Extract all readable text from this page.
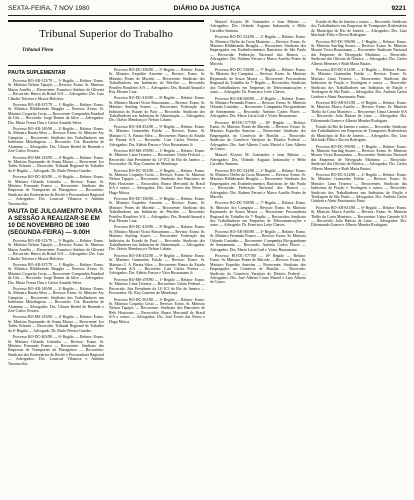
SEXTA-FEIRA, 7 NOV 1980	DIÁRIO DA JUSTIÇA	9221
PAUTA SUPLEMENTAR

Processo RO-AR-125/79 — 3ª Região — Relator: Exmo. Sr. Ministro Nelson Tapajós — Revisor: Exmo. Sr. Ministro Marco Aurélio — Recorrente: Francisco Antônio de Oliveira — Recorrido: Banco do Brasil S/A — Advogados: Drs. Luiz Cláudio Teixeira e Moacir Belchior.

Processo RO-AR-337/79 — 1ª Região — Relator: Exmo. Sr. Ministro Hildebrando Bisaglia — Revisor: Exmo. Sr. Ministro Coqueijo Costa — Recorrente: Companhia Estadual de Gás — Recorrido: Jorge Ramos da Silva — Advogados: Drs. Maria Tereza Dias e Carlos Arnaldo Selva.

Processo RO-AR-140/80 — 2ª Região — Relator: Exmo. Sr. Ministro Barata Silva — Revisor: Exmo. Sr. Ministro Ary Campista — Recorrente: Sindicato dos Trabalhadores nas Indústrias Metalúrgicas — Recorrido: Cia. Brasileira de Alumínio — Advogados: Drs. Ulisses Riedel de Resende e José Carlos Novaes.

Processo RO-MS-218/80 — 4ª Região — Relator: Exmo. Sr. Ministro Raymundo de Souza Moura — Recorrente: Ivo Tadeu Schmitt — Recorrido: Tribunal Regional do Trabalho da 4ª Região — Advogado: Dr. Paulo Pereira Guedes.

Processo RO-DC-402/80 — 6ª Região — Relator: Exmo. Sr. Ministro Orlando Coutinho — Revisor: Exmo. Sr. Ministro Fernando Franco — Recorrente: Sindicato das Empresas de Transportes de Passageiros — Recorridos: Sindicato dos Rodoviários do Recife e Procuradoria Regional — Advogados: Drs. Lourival Vilanova e Antônio Vasconcelos.

PAUTA DE JULGAMENTO PARA A SESSÃO A REALIZAR-SE EM 10 DE NOVEMBRO DE 1980 (SEGUNDA-FEIRA) — 9.00H

Processo RO-AR-125/79 — 3ª Região — Relator: Exmo. Sr. Ministro Nelson Tapajós — Revisor: Exmo. Sr. Ministro Marco Aurélio — Recorrente: Francisco Antônio de Oliveira — Recorrido: Banco do Brasil S/A — Advogados: Drs. Luiz Cláudio Teixeira e Moacir Belchior.

Processo RO-AR-337/79 — 1ª Região — Relator: Exmo. Sr. Ministro Hildebrando Bisaglia — Revisor: Exmo. Sr. Ministro Coqueijo Costa — Recorrente: Companhia Estadual de Gás — Recorrido: Jorge Ramos da Silva — Advogados: Drs. Maria Tereza Dias e Carlos Arnaldo Selva.

Processo RO-AR-140/80 — 2ª Região — Relator: Exmo. Sr. Ministro Barata Silva — Revisor: Exmo. Sr. Ministro Ary Campista — Recorrente: Sindicato dos Trabalhadores nas Indústrias Metalúrgicas — Recorrido: Cia. Brasileira de Alumínio — Advogados: Drs. Ulisses Riedel de Resende e José Carlos Novaes.

Processo RO-MS-218/80 — 4ª Região — Relator: Exmo. Sr. Ministro Raymundo de Souza Moura — Recorrente: Ivo Tadeu Schmitt — Recorrido: Tribunal Regional do Trabalho da 4ª Região — Advogado: Dr. Paulo Pereira Guedes.

Processo RO-DC-402/80 — 6ª Região — Relator: Exmo. Sr. Ministro Orlando Coutinho — Revisor: Exmo. Sr. Ministro Fernando Franco — Recorrente: Sindicato das Empresas de Transportes de Passageiros — Recorridos: Sindicato dos Rodoviários do Recife e Procuradoria Regional — Advogados: Drs. Lourival Vilanova e Antônio Vasconcelos.

Processo RO-DC-356/80 — 5ª Região — Relator: Exmo. Sr. Ministro Expedito Amorim — Revisor: Exmo. Sr. Ministro Prates de Macedo — Recorrente: Sindicato dos Trabalhadores nas Indústrias do Petróleo — Recorrida: Petróleo Brasileiro S/A — Advogados: Drs. Ronald Amaral e Ruy Moraes Cruz.

Processo RO-DC-410/80 — 8ª Região — Relator: Exmo. Sr. Ministro Mozart Victor Russomano — Revisor: Exmo. Sr. Ministro Starling Soares — Recorrente: Federação das Indústrias do Estado do Pará — Recorrido: Sindicato dos Trabalhadores nas Indústrias de Alimentação — Advogados: Drs. Otávio Mendonça e Nelson Lobato.

Processo RO-AR-452/80 — 9ª Região — Relator: Exmo. Sr. Ministro Guimarães Falcão — Revisor: Exmo. Sr. Ministro C. A. Barata Silva — Recorrente: Banco do Estado do Paraná S/A — Recorrido: Luiz Carlos Pereira — Advogados: Drs. Edésio Passos e Vitor Russomano Jr.

Processo RO-MS-478/80 — 1ª Região — Relator: Exmo. Sr. Ministro Lima Teixeira — Recorrente: União Federal — Recorrido: Juiz Presidente da 12ª JCJ do Rio de Janeiro — Procurador: Dr. Ruy Carneiro de Mendonça.

Processo RO-DC-501/80 — 3ª Região — Relator: Exmo. Sr. Ministro Coqueijo Costa — Revisor: Exmo. Sr. Ministro Nelson Tapajós — Recorrente: Sindicato dos Bancários de Belo Horizonte — Recorridos: Banco Mercantil do Brasil S/A e outros — Advogados: Drs. José Torres das Neves e Hugo Mósca.

Processo RO-DC-356/80 — 5ª Região — Relator: Exmo. Sr. Ministro Expedito Amorim — Revisor: Exmo. Sr. Ministro Prates de Macedo — Recorrente: Sindicato dos Trabalhadores nas Indústrias do Petróleo — Recorrida: Petróleo Brasileiro S/A — Advogados: Drs. Ronald Amaral e Ruy Moraes Cruz.

Processo RO-DC-410/80 — 8ª Região — Relator: Exmo. Sr. Ministro Mozart Victor Russomano — Revisor: Exmo. Sr. Ministro Starling Soares — Recorrente: Federação das Indústrias do Estado do Pará — Recorrido: Sindicato dos Trabalhadores nas Indústrias de Alimentação — Advogados: Drs. Otávio Mendonça e Nelson Lobato.

Processo RO-AR-452/80 — 9ª Região — Relator: Exmo. Sr. Ministro Guimarães Falcão — Revisor: Exmo. Sr. Ministro C. A. Barata Silva — Recorrente: Banco do Estado do Paraná S/A — Recorrido: Luiz Carlos Pereira — Advogados: Drs. Edésio Passos e Vitor Russomano Jr.

Processo RO-MS-478/80 — 1ª Região — Relator: Exmo. Sr. Ministro Lima Teixeira — Recorrente: União Federal — Recorrido: Juiz Presidente da 12ª JCJ do Rio de Janeiro — Procurador: Dr. Ruy Carneiro de Mendonça.

Processo RO-DC-501/80 — 3ª Região — Relator: Exmo. Sr. Ministro Coqueijo Costa — Revisor: Exmo. Sr. Ministro Nelson Tapajós — Recorrente: Sindicato dos Bancários de Belo Horizonte — Recorridos: Banco Mercantil do Brasil S/A e outros — Advogados: Drs. José Torres das Neves e Hugo Mósca.

Manoel Aloysio M. Guimarães e Ivan Ribeiro — Advogados: Drs. Orlando Augusto Imbassahy e Hélio Carvalho Santana.

Processo RO-DC-524/80 — 2ª Região — Relator: Exmo. Sr. Ministro Thélio da Costa Monteiro — Revisor: Exmo. Sr. Ministro Hildebrando Bisaglia — Recorrente: Sindicato dos Empregados em Estabelecimentos Bancários de São Paulo — Recorrida: Federação Nacional dos Bancos — Advogados: Drs. Rubens Ferrari e Marco Aurélio Prates de Macedo.

Processo RO-DC-538/80 — 7ª Região — Relator: Exmo. Sr. Ministro Ary Campista — Revisor: Exmo. Sr. Ministro Raymundo de Souza Moura — Recorrente: Procuradoria Regional do Trabalho da 7ª Região — Recorridos: Sindicato dos Trabalhadores em Empresas de Telecomunicações e outro — Advogado: Dr. Francisco Leite Chaves.

Processo RO-AR-560/80 — 4ª Região — Relator: Exmo. Sr. Ministro Fernando Franco — Revisor: Exmo. Sr. Ministro Orlando Coutinho — Recorrente: Companhia Rio-grandense de Saneamento — Recorrido: Antônio Carlos Flores — Advogados: Drs. Maria Lúcia Leal e Victor Russomano.

Processo RO-DC-577/80 — 10ª Região — Relator: Exmo. Sr. Ministro Prates de Macedo — Revisor: Exmo. Sr. Ministro Expedito Amorim — Recorrente: Sindicato dos Empregados no Comércio de Brasília — Recorrido: Sindicato do Comércio Varejista do Distrito Federal — Advogados: Drs. José Alberto Couto Maciel e Lino Alberto de Castro.

Manoel Aloysio M. Guimarães e Ivan Ribeiro — Advogados: Drs. Orlando Augusto Imbassahy e Hélio Carvalho Santana.

Processo RO-DC-524/80 — 2ª Região — Relator: Exmo. Sr. Ministro Thélio da Costa Monteiro — Revisor: Exmo. Sr. Ministro Hildebrando Bisaglia — Recorrente: Sindicato dos Empregados em Estabelecimentos Bancários de São Paulo — Recorrida: Federação Nacional dos Bancos — Advogados: Drs. Rubens Ferrari e Marco Aurélio Prates de Macedo.

Processo RO-DC-538/80 — 7ª Região — Relator: Exmo. Sr. Ministro Ary Campista — Revisor: Exmo. Sr. Ministro Raymundo de Souza Moura — Recorrente: Procuradoria Regional do Trabalho da 7ª Região — Recorridos: Sindicato dos Trabalhadores em Empresas de Telecomunicações e outro — Advogado: Dr. Francisco Leite Chaves.

Processo RO-AR-560/80 — 4ª Região — Relator: Exmo. Sr. Ministro Fernando Franco — Revisor: Exmo. Sr. Ministro Orlando Coutinho — Recorrente: Companhia Rio-grandense de Saneamento — Recorrido: Antônio Carlos Flores — Advogados: Drs. Maria Lúcia Leal e Victor Russomano.

Processo RO-DC-577/80 — 10ª Região — Relator: Exmo. Sr. Ministro Prates de Macedo — Revisor: Exmo. Sr. Ministro Expedito Amorim — Recorrente: Sindicato dos Empregados no Comércio de Brasília — Recorrido: Sindicato do Comércio Varejista do Distrito Federal — Advogados: Drs. José Alberto Couto Maciel e Lino Alberto de Castro.

Estado do Rio de Janeiro e outros — Recorrido: Sindicato dos Trabalhadores em Empresas de Transportes Rodoviários do Município do Rio de Janeiro — Advogados: Drs. Lino Machado Filho e Dirceu Rodrigues.

Processo RO-DC-590/80 — 1ª Região — Relator: Exmo. Sr. Ministro Starling Soares — Revisor: Exmo. Sr. Ministro Mozart Victor Russomano — Recorrente: Sindicato Nacional das Empresas de Navegação Marítima — Recorrido: Sindicato dos Oficiais de Náutica — Advogados: Drs. Carlos Alberto Menezes e Ruth Maria Bastos.

Processo RO-DC-612/80 — 2ª Região — Relator: Exmo. Sr. Ministro Guimarães Falcão — Revisor: Exmo. Sr. Ministro Lima Teixeira — Recorrentes: Sindicato das Indústrias de Fiação e Tecelagem e outros — Recorrido: Sindicato dos Trabalhadores nas Indústrias de Fiação e Tecelagem de São Paulo — Advogados: Drs. Antônio Carlos Guidoni e Almir Pazzianotto Pinto.

Processo RO-AR-631/80 — 6ª Região — Relator: Exmo. Sr. Ministro Marco Aurélio — Revisor: Exmo. Sr. Ministro Thélio da Costa Monteiro — Recorrente: Usina Catende S/A — Recorrido: João Batista de Lima — Advogados: Drs. Dilermando Gomes e Alberto Mendes Rodrigues.

Estado do Rio de Janeiro e outros — Recorrido: Sindicato dos Trabalhadores em Empresas de Transportes Rodoviários do Município do Rio de Janeiro — Advogados: Drs. Lino Machado Filho e Dirceu Rodrigues.

Processo RO-DC-590/80 — 1ª Região — Relator: Exmo. Sr. Ministro Starling Soares — Revisor: Exmo. Sr. Ministro Mozart Victor Russomano — Recorrente: Sindicato Nacional das Empresas de Navegação Marítima — Recorrido: Sindicato dos Oficiais de Náutica — Advogados: Drs. Carlos Alberto Menezes e Ruth Maria Bastos.

Processo RO-DC-612/80 — 2ª Região — Relator: Exmo. Sr. Ministro Guimarães Falcão — Revisor: Exmo. Sr. Ministro Lima Teixeira — Recorrentes: Sindicato das Indústrias de Fiação e Tecelagem e outros — Recorrido: Sindicato dos Trabalhadores nas Indústrias de Fiação e Tecelagem de São Paulo — Advogados: Drs. Antônio Carlos Guidoni e Almir Pazzianotto Pinto.

Processo RO-AR-631/80 — 6ª Região — Relator: Exmo. Sr. Ministro Marco Aurélio — Revisor: Exmo. Sr. Ministro Thélio da Costa Monteiro — Recorrente: Usina Catende S/A — Recorrido: João Batista de Lima — Advogados: Drs. Dilermando Gomes e Alberto Mendes Rodrigues.

Tribunal Superior do Trabalho
Tribunal Pleno
